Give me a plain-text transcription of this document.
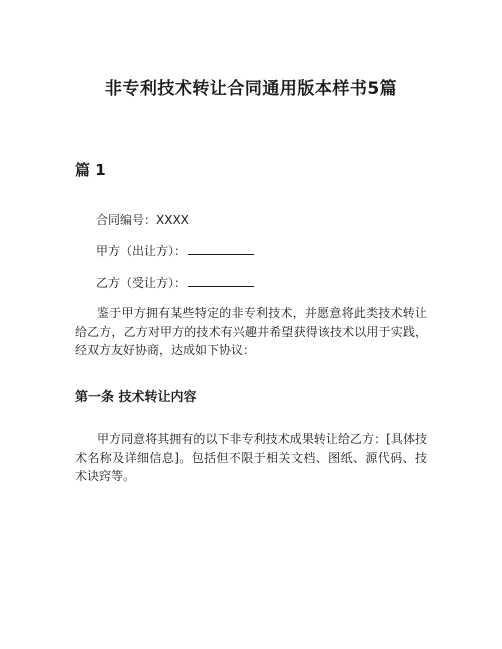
非专利技术转让合同通用版本样书5篇
篇 1
合同编号：XXXX
甲方（出让方）：
乙方（受让方）：
鉴于甲方拥有某些特定的非专利技术，并愿意将此类技术转让给乙方，乙方对甲方的技术有兴趣并希望获得该技术以用于实践，经双方友好协商，达成如下协议：
第一条 技术转让内容
甲方同意将其拥有的以下非专利技术成果转让给乙方：[具体技术名称及详细信息]。包括但不限于相关文档、图纸、源代码、技术诀窍等。
